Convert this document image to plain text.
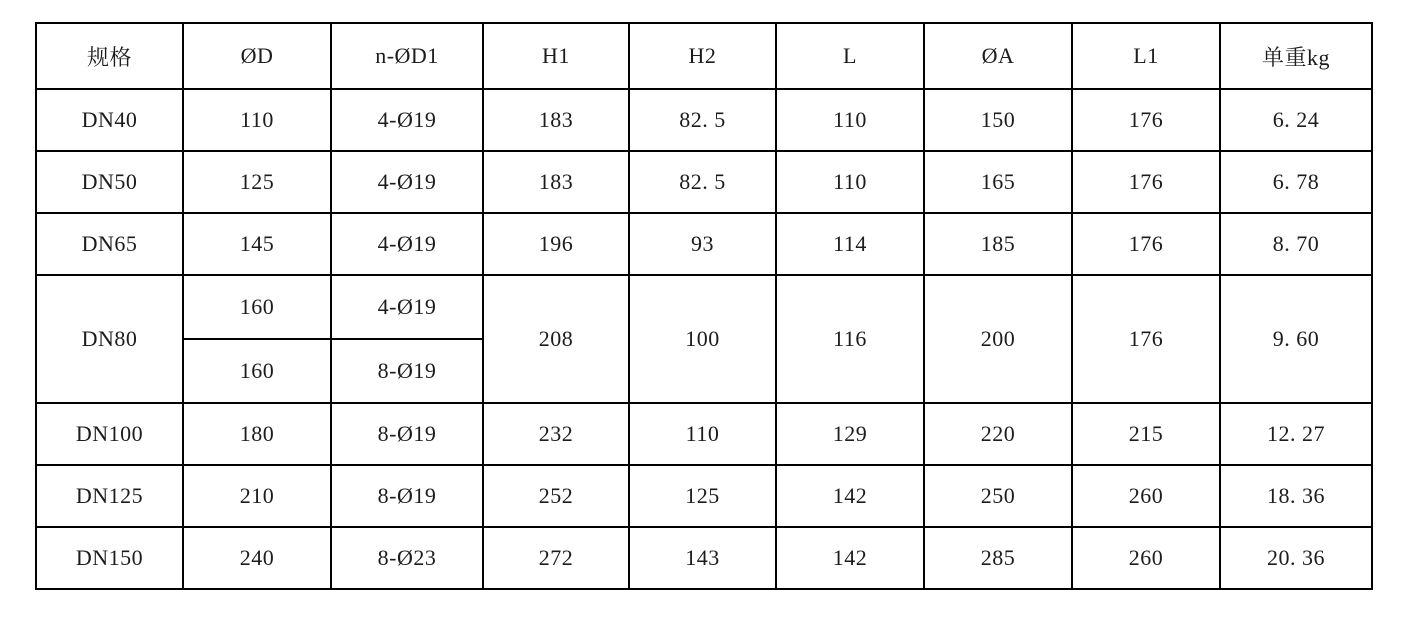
规格	ØD	n-ØD1	H1	H2	L	ØA	L1	单重kg
DN40	110	4-Ø19	183	82. 5	110	150	176	6. 24
DN50	125	4-Ø19	183	82. 5	110	165	176	6. 78
DN65	145	4-Ø19	196	93	114	185	176	8. 70
DN80	160	4-Ø19	208	100	116	200	176	9. 60
	160	8-Ø19						
DN100	180	8-Ø19	232	110	129	220	215	12. 27
DN125	210	8-Ø19	252	125	142	250	260	18. 36
DN150	240	8-Ø23	272	143	142	285	260	20. 36
